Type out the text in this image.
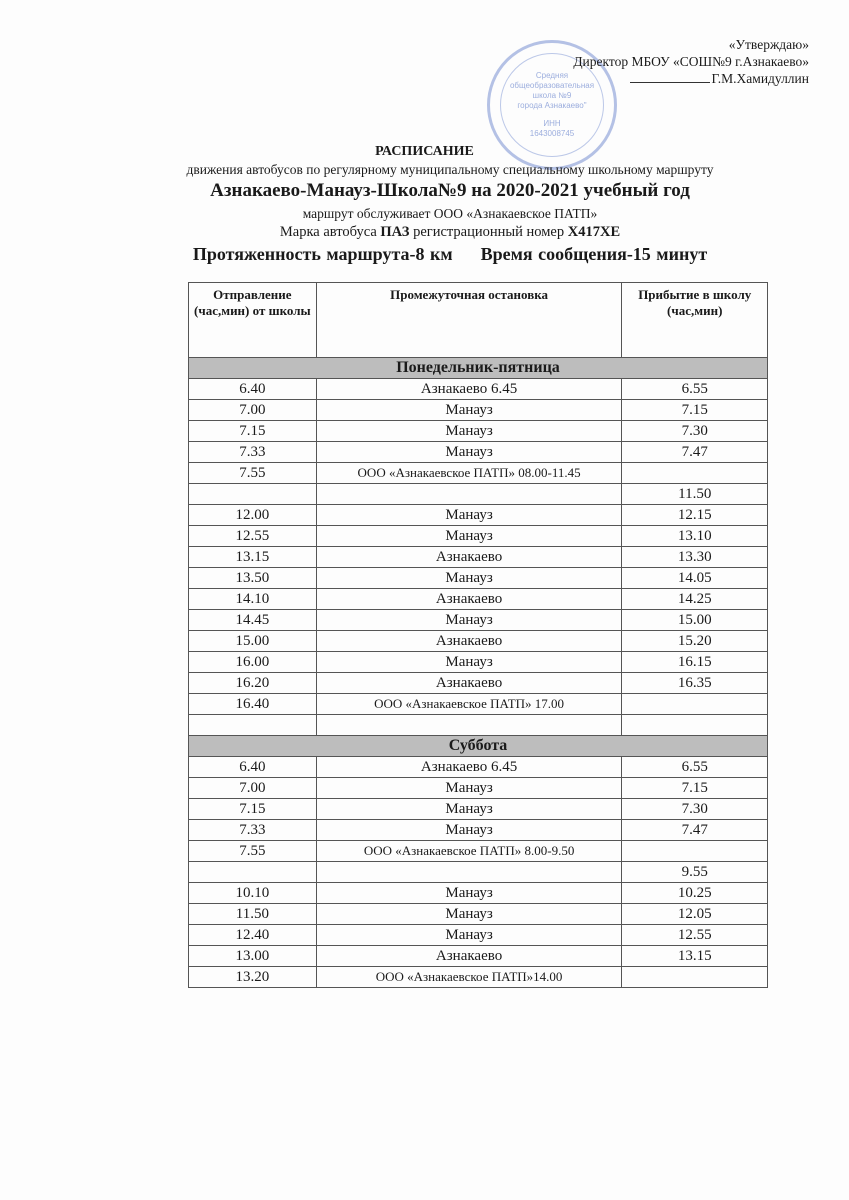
Средняя
общеобразовательная
школа №9
города Азнакаево"
ИНН
1643008745
«Утверждаю»
Директор МБОУ «СОШ№9 г.Азнакаево»
Г.М.Хамидуллин
РАСПИСАНИЕ
движения автобусов по регулярному муниципальному специальному школьному маршруту
Азнакаево-Манауз-Школа№9 на 2020-2021 учебный год
маршрут обслуживает ООО «Азнакаевское ПАТП»
Марка автобуса ПАЗ регистрационный номер Х417ХЕ
Протяженность маршрута-8 км Время сообщения-15 минут
Отправление (час,мин) от школы	Промежуточная остановка	Прибытие в школу (час,мин)
Понедельник-пятница		
6.40	Азнакаево 6.45	6.55
7.00	Манауз	7.15
7.15	Манауз	7.30
7.33	Манауз	7.47
7.55	ООО «Азнакаевское ПАТП» 08.00-11.45	
		11.50
12.00	Манауз	12.15
12.55	Манауз	13.10
13.15	Азнакаево	13.30
13.50	Манауз	14.05
14.10	Азнакаево	14.25
14.45	Манауз	15.00
15.00	Азнакаево	15.20
16.00	Манауз	16.15
16.20	Азнакаево	16.35
16.40	ООО «Азнакаевское ПАТП» 17.00	

Суббота		
6.40	Азнакаево 6.45	6.55
7.00	Манауз	7.15
7.15	Манауз	7.30
7.33	Манауз	7.47
7.55	ООО «Азнакаевское ПАТП» 8.00-9.50	
		9.55
10.10	Манауз	10.25
11.50	Манауз	12.05
12.40	Манауз	12.55
13.00	Азнакаево	13.15
13.20	ООО «Азнакаевское ПАТП»14.00	
